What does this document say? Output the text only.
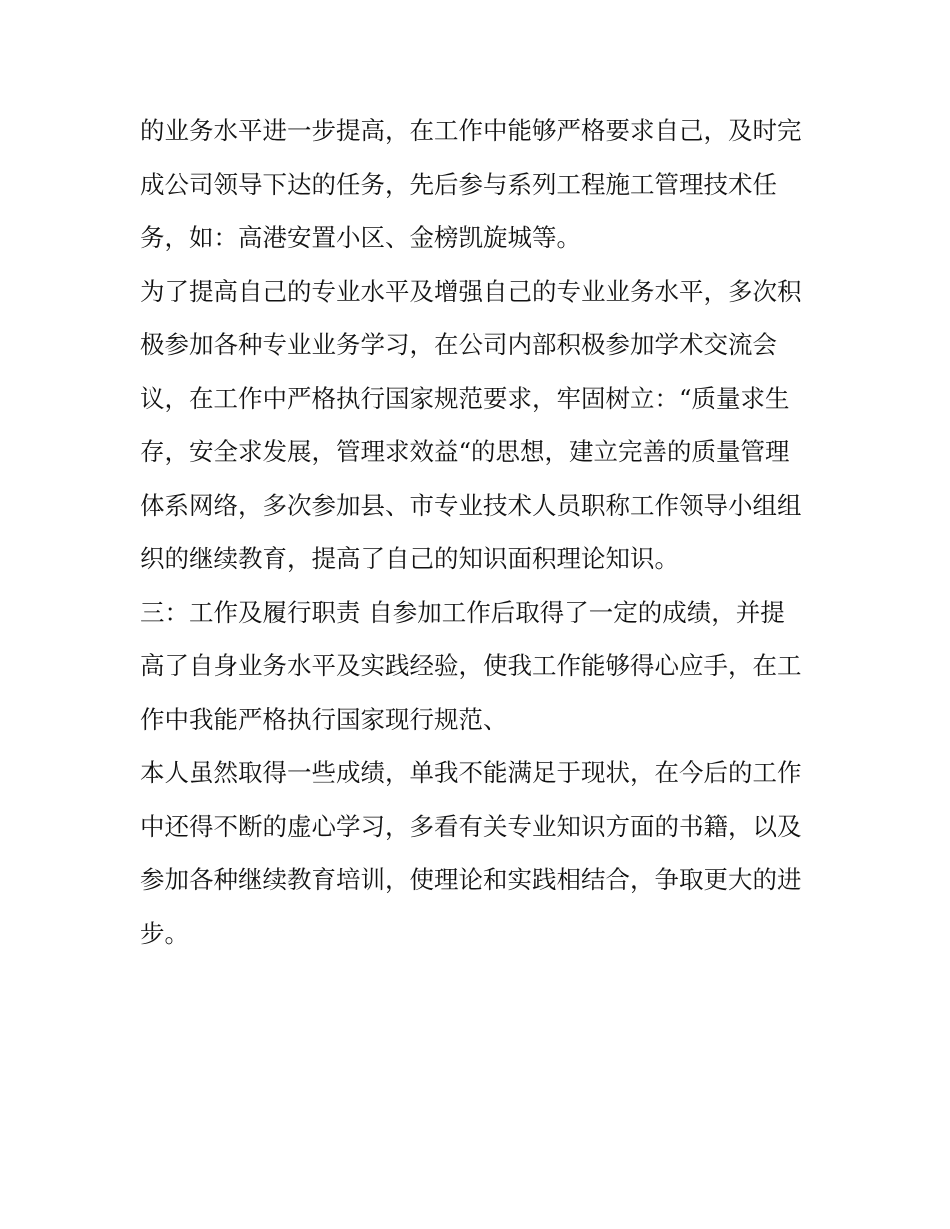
的业务水平进一步提高，在工作中能够严格要求自己，及时完
成公司领导下达的任务，先后参与系列工程施工管理技术任
务，如：高港安置小区、金榜凯旋城等。
为了提高自己的专业水平及增强自己的专业业务水平，多次积
极参加各种专业业务学习，在公司内部积极参加学术交流会
议，在工作中严格执行国家规范要求，牢固树立：“质量求生
存，安全求发展，管理求效益“的思想，建立完善的质量管理
体系网络，多次参加县、市专业技术人员职称工作领导小组组
织的继续教育，提高了自己的知识面积理论知识。
三：工作及履行职责 自参加工作后取得了一定的成绩，并提
高了自身业务水平及实践经验，使我工作能够得心应手，在工
作中我能严格执行国家现行规范、
本人虽然取得一些成绩，单我不能满足于现状，在今后的工作
中还得不断的虚心学习，多看有关专业知识方面的书籍，以及
参加各种继续教育培训，使理论和实践相结合，争取更大的进
步。
